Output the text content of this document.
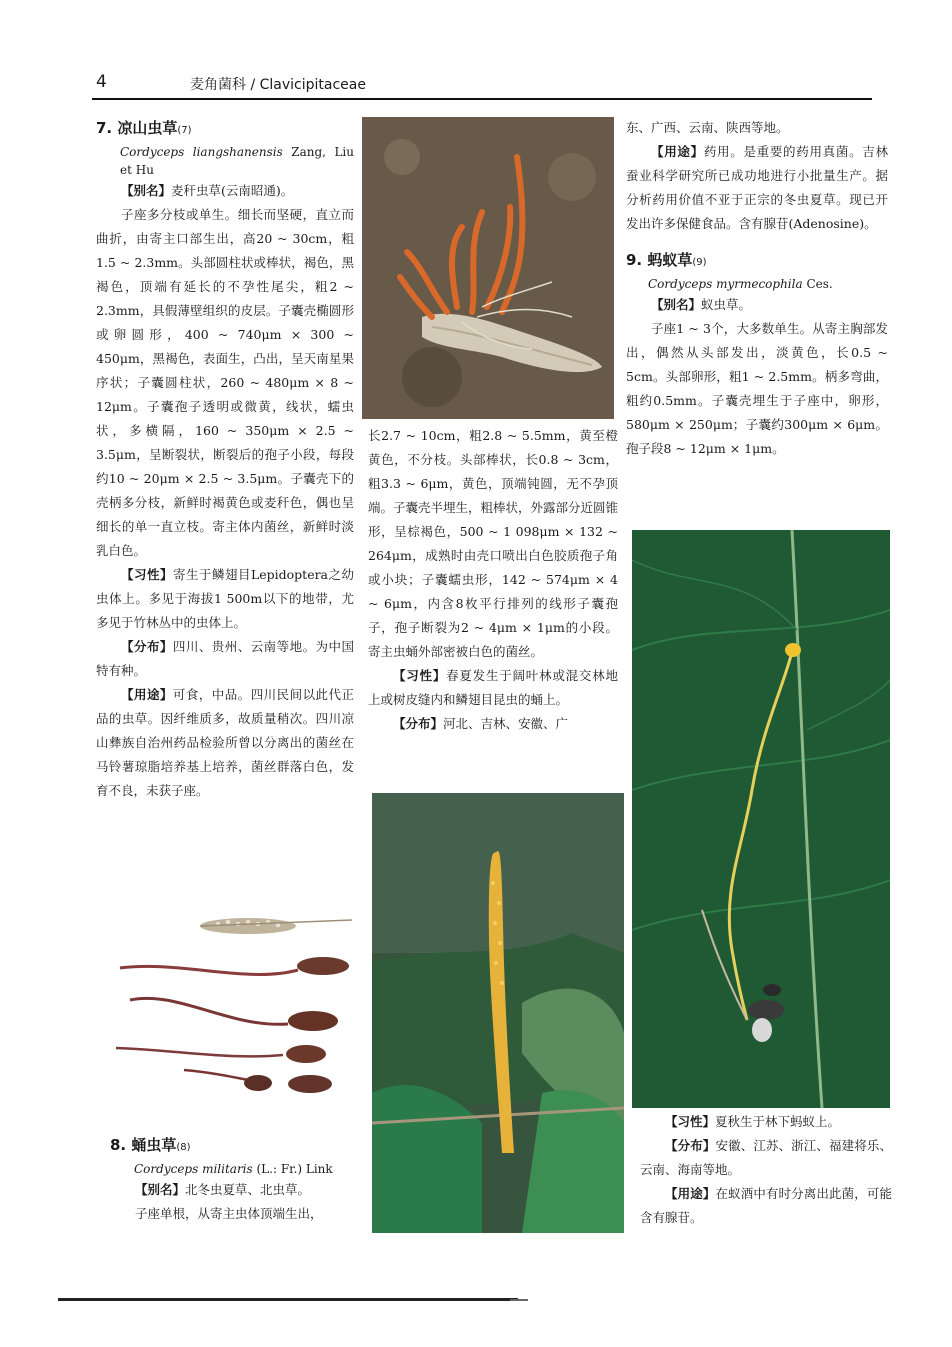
4	麦角菌科 / Clavicipitaceae

7. 凉山虫草(7)

Cordyceps liangshanensis Zang, Liu et Hu

【别名】麦秆虫草(云南昭通)。

子座多分枝或单生。细长而坚硬，直立而曲折，由寄主口部生出，高20 ~ 30cm，粗1.5 ~ 2.3mm。头部圆柱状或棒状，褐色，黑褐色，顶端有延长的不孕性尾尖，粗2 ~ 2.3mm，具假薄壁组织的皮层。子囊壳椭圆形或卵圆形，400 ~ 740μm × 300 ~ 450μm，黑褐色，表面生，凸出，呈天南星果序状；子囊圆柱状，260 ~ 480μm × 8 ~ 12μm。子囊孢子透明或微黄，线状，蠕虫状，多横隔，160 ~ 350μm × 2.5 ~ 3.5μm，呈断裂状，断裂后的孢子小段，每段约10 ~ 20μm × 2.5 ~ 3.5μm。子囊壳下的壳柄多分枝，新鲜时褐黄色或麦秆色，偶也呈细长的单一直立枝。寄主体内菌丝，新鲜时淡乳白色。

【习性】寄生于鳞翅目Lepidoptera之幼虫体上。多见于海拔1 500m以下的地带，尤多见于竹林丛中的虫体上。

【分布】四川、贵州、云南等地。为中国特有种。

【用途】可食，中品。四川民间以此代正品的虫草。因纤维质多，故质量稍次。四川凉山彝族自治州药品检验所曾以分离出的菌丝在马铃薯琼脂培养基上培养，菌丝群落白色，发育不良，未获子座。

8. 蛹虫草(8)

Cordyceps militaris (L.: Fr.) Link

【别名】北冬虫夏草、北虫草。

子座单根，从寄主虫体顶端生出，

长2.7 ~ 10cm，粗2.8 ~ 5.5mm，黄至橙黄色，不分枝。头部棒状，长0.8 ~ 3cm，粗3.3 ~ 6μm，黄色，顶端钝圆，无不孕顶端。子囊壳半埋生，粗棒状，外露部分近圆锥形，呈棕褐色，500 ~ 1 098μm × 132 ~ 264μm，成熟时由壳口喷出白色胶质孢子角或小块；子囊蠕虫形，142 ~ 574μm × 4 ~ 6μm，内含8枚平行排列的线形子囊孢子，孢子断裂为2 ~ 4μm × 1μm的小段。寄主虫蛹外部密被白色的菌丝。

【习性】春夏发生于阔叶林或混交林地上或树皮缝内和鳞翅目昆虫的蛹上。

【分布】河北、吉林、安徽、广

东、广西、云南、陕西等地。

【用途】药用。是重要的药用真菌。吉林蚕业科学研究所已成功地进行小批量生产。据分析药用价值不亚于正宗的冬虫夏草。现已开发出许多保健食品。含有腺苷(Adenosine)。

9. 蚂蚁草(9)

Cordyceps myrmecophila Ces.

【别名】蚁虫草。

子座1 ~ 3个，大多数单生。从寄主胸部发出，偶然从头部发出，淡黄色，长0.5 ~ 5cm。头部卵形，粗1 ~ 2.5mm。柄多弯曲，粗约0.5mm。子囊壳埋生于子座中，卵形，580μm × 250μm；子囊约300μm × 6μm。孢子段8 ~ 12μm × 1μm。

【习性】夏秋生于林下蚂蚁上。

【分布】安徽、江苏、浙江、福建将乐、云南、海南等地。

【用途】在蚁酒中有时分离出此菌，可能含有腺苷。
